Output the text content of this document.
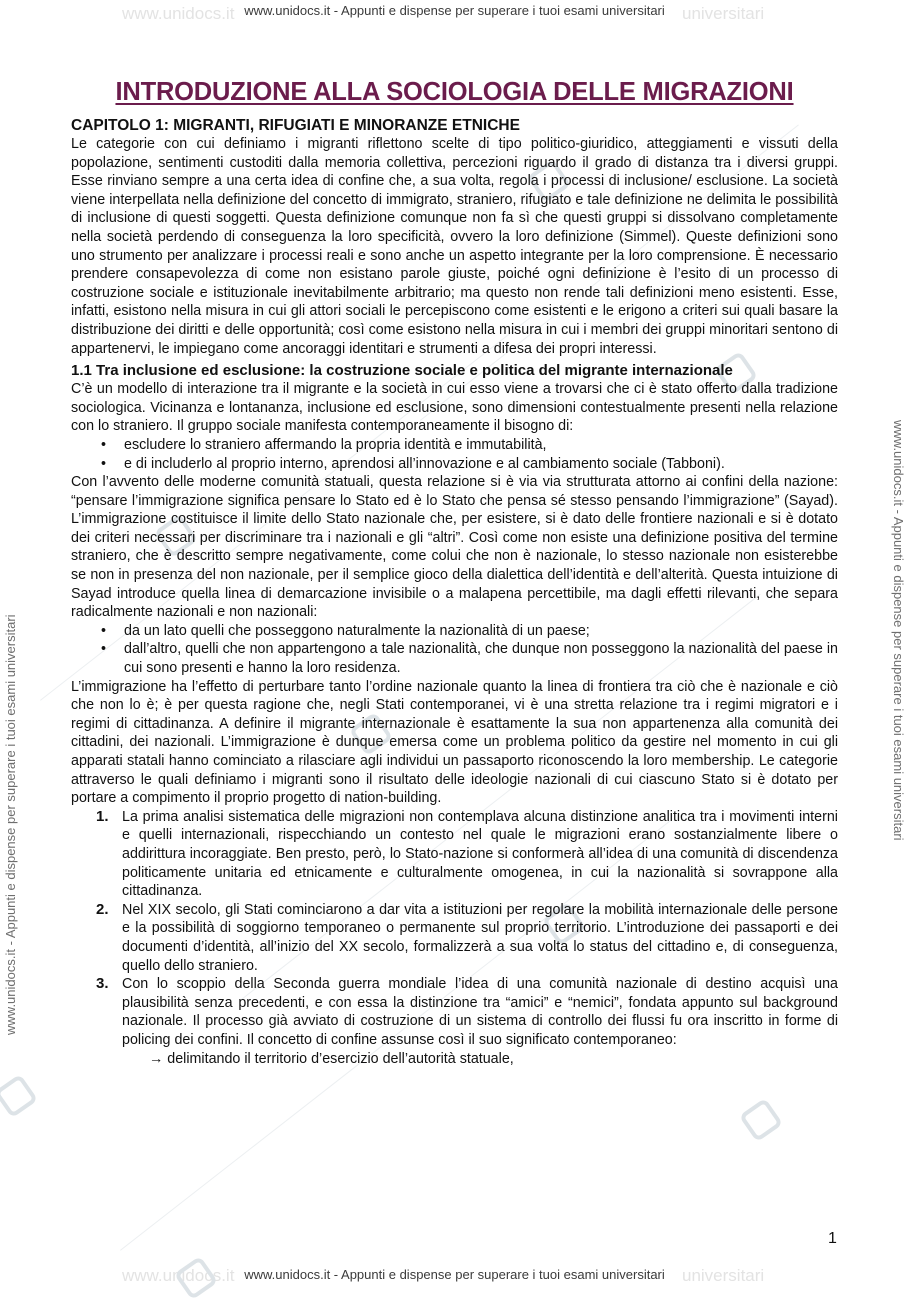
www.unidocs.it	universitari
www.unidocs.it	universitari
www.unidocs.it - Appunti e dispense per superare i tuoi esami universitari
www.unidocs.it - Appunti e dispense per superare i tuoi esami universitari
www.unidocs.it - Appunti e dispense per superare i tuoi esami universitari	www.unidocs.it - Appunti e dispense per superare i tuoi esami universitari
INTRODUZIONE ALLA SOCIOLOGIA DELLE MIGRAZIONI
CAPITOLO 1: MIGRANTI, RIFUGIATI E MINORANZE ETNICHE

Le categorie con cui definiamo i migranti riflettono scelte di tipo politico-giuridico, atteggiamenti e vissuti della popolazione, sentimenti custoditi dalla memoria collettiva, percezioni riguardo il grado di distanza tra i diversi gruppi. Esse rinviano sempre a una certa idea di confine che, a sua volta, regola i processi di inclusione/ esclusione. La società viene interpellata nella definizione del concetto di immigrato, straniero, rifugiato e tale definizione ne delimita le possibilità di inclusione di questi soggetti. Questa definizione comunque non fa sì che questi gruppi si dissolvano completamente nella società perdendo di conseguenza la loro specificità, ovvero la loro definizione (Simmel). Queste definizioni sono uno strumento per analizzare i processi reali e sono anche un aspetto integrante per la loro comprensione. È necessario prendere consapevolezza di come non esistano parole giuste, poiché ogni definizione è l’esito di un processo di costruzione sociale e istituzionale inevitabilmente arbitrario; ma questo non rende tali definizioni meno esistenti. Esse, infatti, esistono nella misura in cui gli attori sociali le percepiscono come esistenti e le erigono a criteri sui quali basare la distribuzione dei diritti e delle opportunità; così come esistono nella misura in cui i membri dei gruppi minoritari sentono di appartenervi, le impiegano come ancoraggi identitari e strumenti a difesa dei propri interessi.

1.1 Tra inclusione ed esclusione: la costruzione sociale e politica del migrante internazionale

C’è un modello di interazione tra il migrante e la società in cui esso viene a trovarsi che ci è stato offerto dalla tradizione sociologica. Vicinanza e lontananza, inclusione ed esclusione, sono dimensioni contestualmente presenti nella relazione con lo straniero. Il gruppo sociale manifesta contemporaneamente il bisogno di:

• escludere lo straniero affermando la propria identità e immutabilità,
• e di includerlo al proprio interno, aprendosi all’innovazione e al cambiamento sociale (Tabboni).

Con l’avvento delle moderne comunità statuali, questa relazione si è via via strutturata attorno ai confini della nazione: “pensare l’immigrazione significa pensare lo Stato ed è lo Stato che pensa sé stesso pensando l’immigrazione” (Sayad). L’immigrazione costituisce il limite dello Stato nazionale che, per esistere, si è dato delle frontiere nazionali e si è dotato dei criteri necessari per discriminare tra i nazionali e gli “altri”. Così come non esiste una definizione positiva del termine straniero, che è descritto sempre negativamente, come colui che non è nazionale, lo stesso nazionale non esisterebbe se non in presenza del non nazionale, per il semplice gioco della dialettica dell’identità e dell’alterità. Questa intuizione di Sayad introduce quella linea di demarcazione invisibile o a malapena percettibile, ma dagli effetti rilevanti, che separa radicalmente nazionali e non nazionali:

• da un lato quelli che posseggono naturalmente la nazionalità di un paese;
• dall’altro, quelli che non appartengono a tale nazionalità, che dunque non posseggono la nazionalità del paese in cui sono presenti e hanno la loro residenza.

L’immigrazione ha l’effetto di perturbare tanto l’ordine nazionale quanto la linea di frontiera tra ciò che è nazionale e ciò che non lo è; è per questa ragione che, negli Stati contemporanei, vi è una stretta relazione tra i regimi migratori e i regimi di cittadinanza. A definire il migrante internazionale è esattamente la sua non appartenenza alla comunità dei cittadini, dei nazionali. L’immigrazione è dunque emersa come un problema politico da gestire nel momento in cui gli apparati statali hanno cominciato a rilasciare agli individui un passaporto riconoscendo la loro membership. Le categorie attraverso le quali definiamo i migranti sono il risultato delle ideologie nazionali di cui ciascuno Stato si è dotato per portare a compimento il proprio progetto di nation-building.

1. La prima analisi sistematica delle migrazioni non contemplava alcuna distinzione analitica tra i movimenti interni e quelli internazionali, rispecchiando un contesto nel quale le migrazioni erano sostanzialmente libere o addirittura incoraggiate. Ben presto, però, lo Stato-nazione si conformerà all’idea di una comunità di discendenza politicamente unitaria ed etnicamente e culturalmente omogenea, in cui la nazionalità si sovrappone alla cittadinanza.
2. Nel XIX secolo, gli Stati cominciarono a dar vita a istituzioni per regolare la mobilità internazionale delle persone e la possibilità di soggiorno temporaneo o permanente sul proprio territorio. L’introduzione dei passaporti e dei documenti d’identità, all’inizio del XX secolo, formalizzerà a sua volta lo status del cittadino e, di conseguenza, quello dello straniero.
3. Con lo scoppio della Seconda guerra mondiale l’idea di una comunità nazionale di destino acquisì una plausibilità senza precedenti, e con essa la distinzione tra “amici” e “nemici”, fondata appunto sul background nazionale. Il processo già avviato di costruzione di un sistema di controllo dei flussi fu ora inscritto in forme di policing dei confini. Il concetto di confine assunse così il suo significato contemporaneo:
→ delimitando il territorio d’esercizio dell’autorità statuale,
1
